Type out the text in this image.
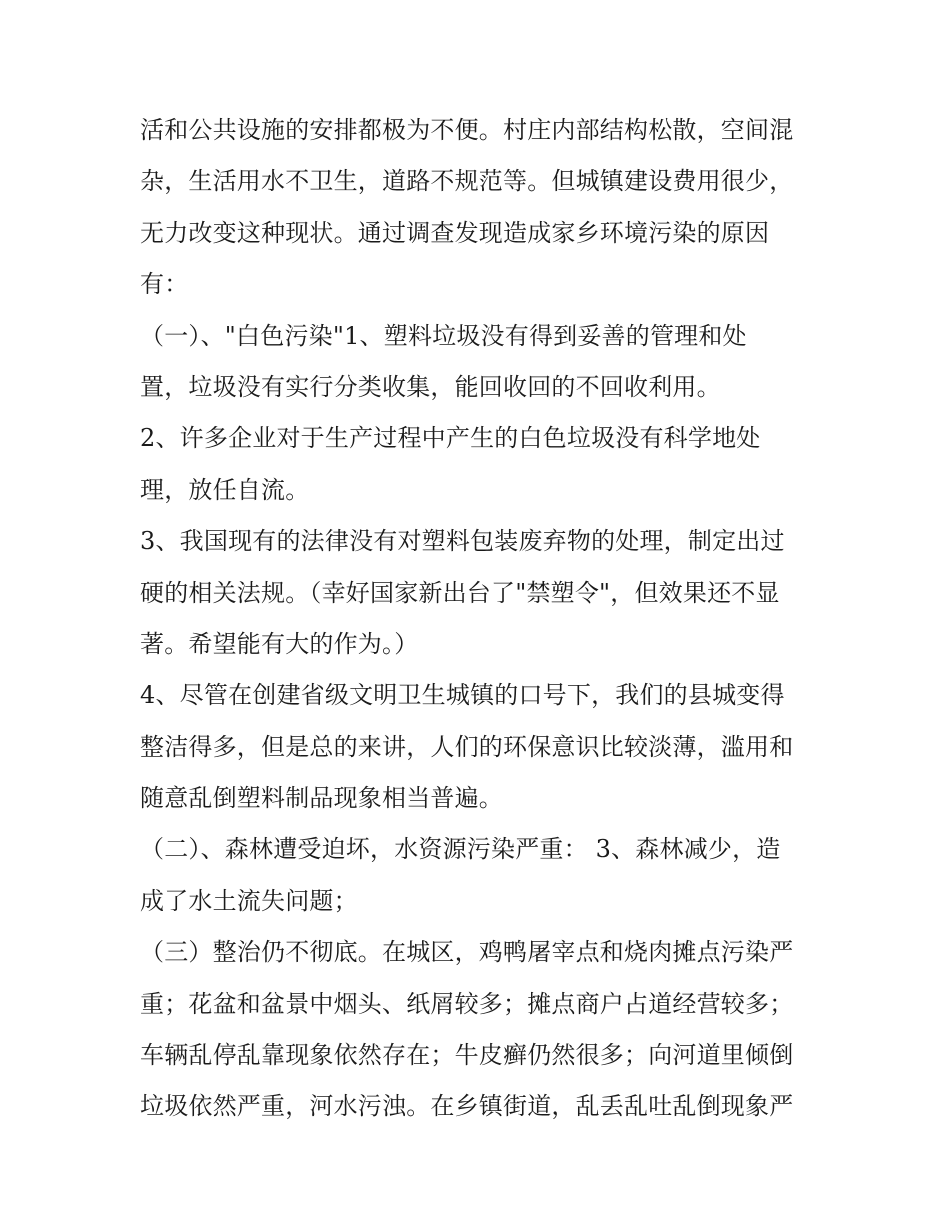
活和公共设施的安排都极为不便。村庄内部结构松散，空间混
杂，生活用水不卫生，道路不规范等。但城镇建设费用很少，
无力改变这种现状。通过调查发现造成家乡环境污染的原因
有：
（一）、"白色污染"1、塑料垃圾没有得到妥善的管理和处
置，垃圾没有实行分类收集，能回收回的不回收利用。
2、许多企业对于生产过程中产生的白色垃圾没有科学地处
理，放任自流。
3、我国现有的法律没有对塑料包装废弃物的处理，制定出过
硬的相关法规。（幸好国家新出台了"禁塑令"，但效果还不显
著。希望能有大的作为。）
4、尽管在创建省级文明卫生城镇的口号下，我们的县城变得
整洁得多，但是总的来讲，人们的环保意识比较淡薄，滥用和
随意乱倒塑料制品现象相当普遍。
（二）、森林遭受迫坏，水资源污染严重： 3、森林减少，造
成了水土流失问题；
（三）整治仍不彻底。在城区，鸡鸭屠宰点和烧肉摊点污染严
重；花盆和盆景中烟头、纸屑较多；摊点商户占道经营较多；
车辆乱停乱靠现象依然存在；牛皮癣仍然很多；向河道里倾倒
垃圾依然严重，河水污浊。在乡镇街道，乱丢乱吐乱倒现象严
